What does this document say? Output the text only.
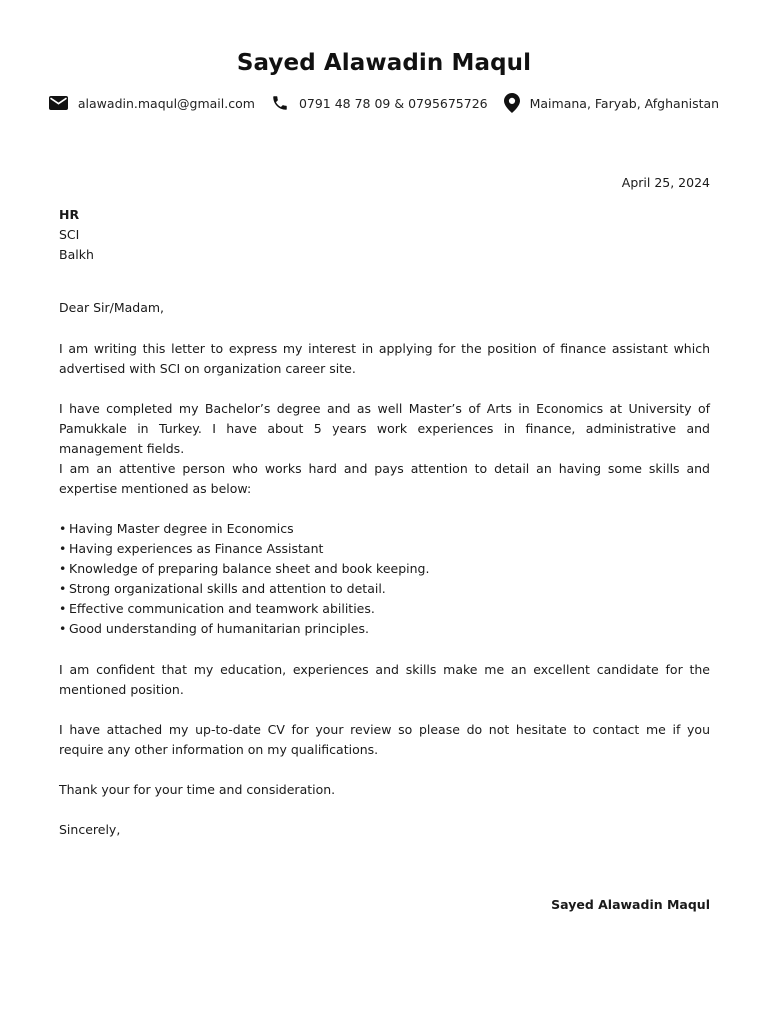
Sayed Alawadin Maqul
alawadin.maqul@gmail.com	0791 48 78 09 & 0795675726	Maimana, Faryab, Afghanistan
April 25, 2024
HR
SCI
Balkh
Dear Sir/Madam,
I am writing this letter to express my interest in applying for the position of finance assistant which advertised with SCI on organization career site.
I have completed my Bachelor’s degree and as well Master’s of Arts in Economics at University of Pamukkale in Turkey. I have about 5 years work experiences in finance, administrative and management fields.
I am an attentive person who works hard and pays attention to detail an having some skills and expertise mentioned as below:
• Having Master degree in Economics
• Having experiences as Finance Assistant
• Knowledge of preparing balance sheet and book keeping.
• Strong organizational skills and attention to detail.
• Effective communication and teamwork abilities.
• Good understanding of humanitarian principles.
I am confident that my education, experiences and skills make me an excellent candidate for the mentioned position.
I have attached my up-to-date CV for your review so please do not hesitate to contact me if you require any other information on my qualifications.
Thank your for your time and consideration.
Sincerely,
Sayed Alawadin Maqul
